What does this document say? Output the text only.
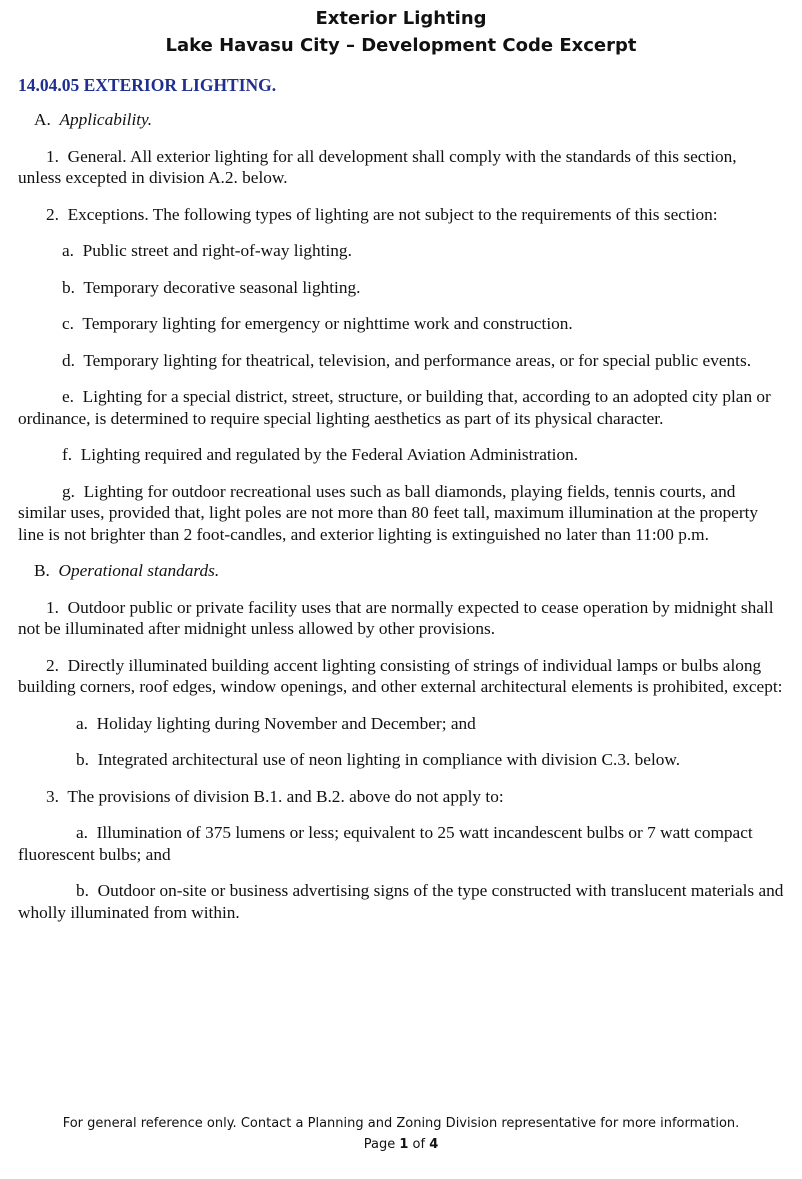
Exterior Lighting
Lake Havasu City – Development Code Excerpt
14.04.05 EXTERIOR LIGHTING.
A. Applicability.
1. General. All exterior lighting for all development shall comply with the standards of this section, unless excepted in division A.2. below.
2. Exceptions. The following types of lighting are not subject to the requirements of this section:
a. Public street and right-of-way lighting.
b. Temporary decorative seasonal lighting.
c. Temporary lighting for emergency or nighttime work and construction.
d. Temporary lighting for theatrical, television, and performance areas, or for special public events.
e. Lighting for a special district, street, structure, or building that, according to an adopted city plan or ordinance, is determined to require special lighting aesthetics as part of its physical character.
f. Lighting required and regulated by the Federal Aviation Administration.
g. Lighting for outdoor recreational uses such as ball diamonds, playing fields, tennis courts, and similar uses, provided that, light poles are not more than 80 feet tall, maximum illumination at the property line is not brighter than 2 foot-candles, and exterior lighting is extinguished no later than 11:00 p.m.
B. Operational standards.
1. Outdoor public or private facility uses that are normally expected to cease operation by midnight shall not be illuminated after midnight unless allowed by other provisions.
2. Directly illuminated building accent lighting consisting of strings of individual lamps or bulbs along building corners, roof edges, window openings, and other external architectural elements is prohibited, except:
a. Holiday lighting during November and December; and
b. Integrated architectural use of neon lighting in compliance with division C.3. below.
3. The provisions of division B.1. and B.2. above do not apply to:
a. Illumination of 375 lumens or less; equivalent to 25 watt incandescent bulbs or 7 watt compact fluorescent bulbs; and
b. Outdoor on-site or business advertising signs of the type constructed with translucent materials and wholly illuminated from within.
For general reference only. Contact a Planning and Zoning Division representative for more information.
Page 1 of 4
